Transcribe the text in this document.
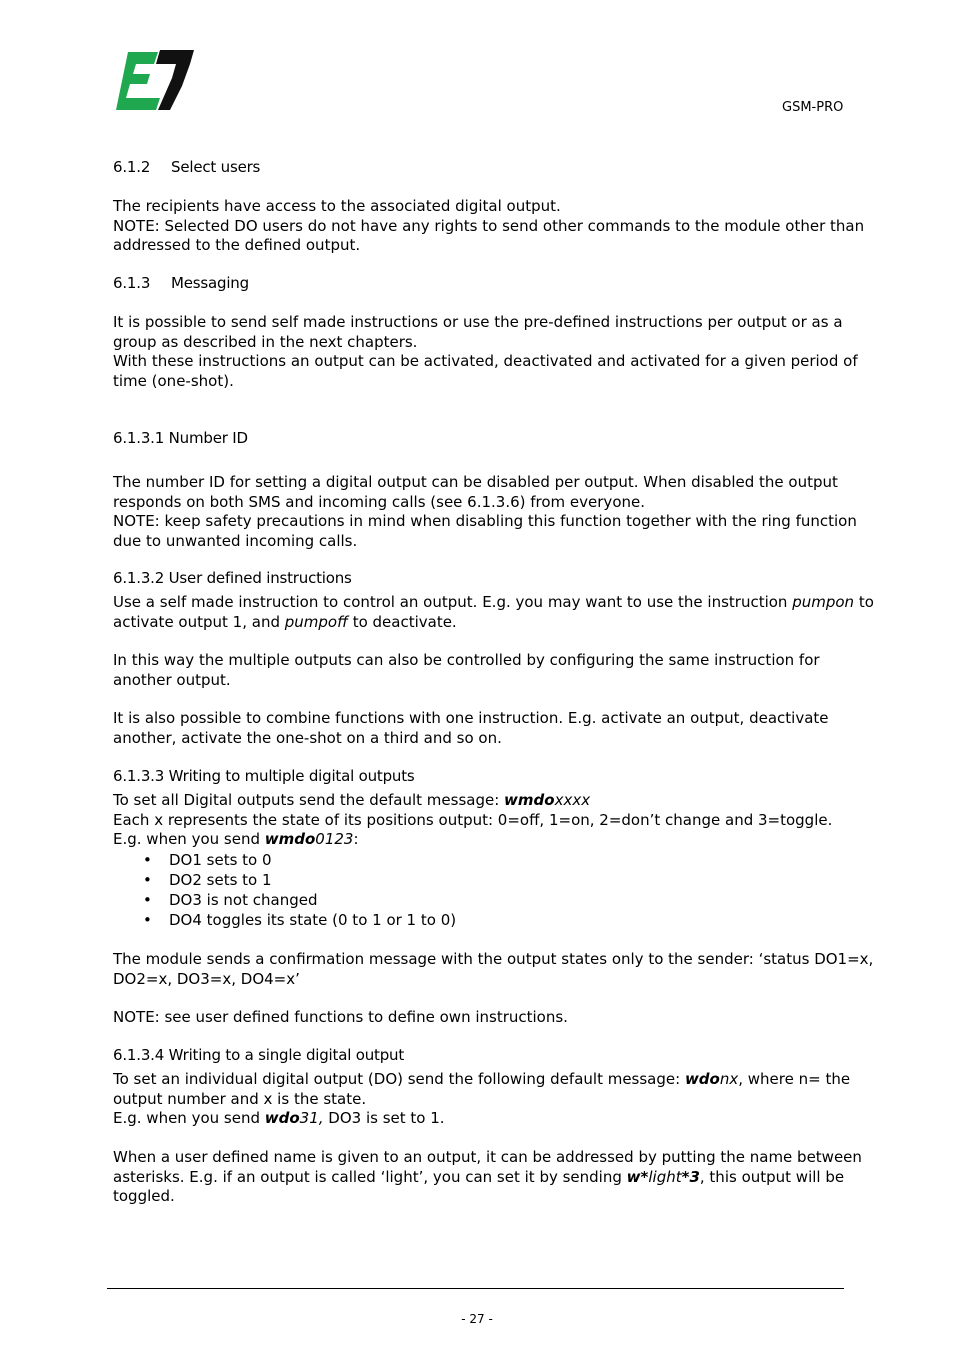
GSM-PRO
6.1.2 Select users
The recipients have access to the associated digital output.
NOTE: Selected DO users do not have any rights to send other commands to the module other than
addressed to the defined output.
6.1.3 Messaging
It is possible to send self made instructions or use the pre-defined instructions per output or as a
group as described in the next chapters.
With these instructions an output can be activated, deactivated and activated for a given period of
time (one-shot).
6.1.3.1 Number ID
The number ID for setting a digital output can be disabled per output. When disabled the output
responds on both SMS and incoming calls (see 6.1.3.6) from everyone.
NOTE: keep safety precautions in mind when disabling this function together with the ring function
due to unwanted incoming calls.
6.1.3.2 User defined instructions
Use a self made instruction to control an output. E.g. you may want to use the instruction pumpon to
activate output 1, and pumpoff to deactivate.
In this way the multiple outputs can also be controlled by configuring the same instruction for
another output.
It is also possible to combine functions with one instruction. E.g. activate an output, deactivate
another, activate the one-shot on a third and so on.
6.1.3.3 Writing to multiple digital outputs
To set all Digital outputs send the default message: wmdoxxxx
Each x represents the state of its positions output: 0=off, 1=on, 2=don’t change and 3=toggle.
E.g. when you send wmdo0123:
• DO1 sets to 0
• DO2 sets to 1
• DO3 is not changed
• DO4 toggles its state (0 to 1 or 1 to 0)
The module sends a confirmation message with the output states only to the sender: ‘status DO1=x,
DO2=x, DO3=x, DO4=x’
NOTE: see user defined functions to define own instructions.
6.1.3.4 Writing to a single digital output
To set an individual digital output (DO) send the following default message: wdonx, where n= the
output number and x is the state.
E.g. when you send wdo31, DO3 is set to 1.
When a user defined name is given to an output, it can be addressed by putting the name between
asterisks. E.g. if an output is called ‘light’, you can set it by sending w*light*3, this output will be
toggled.
- 27 -
